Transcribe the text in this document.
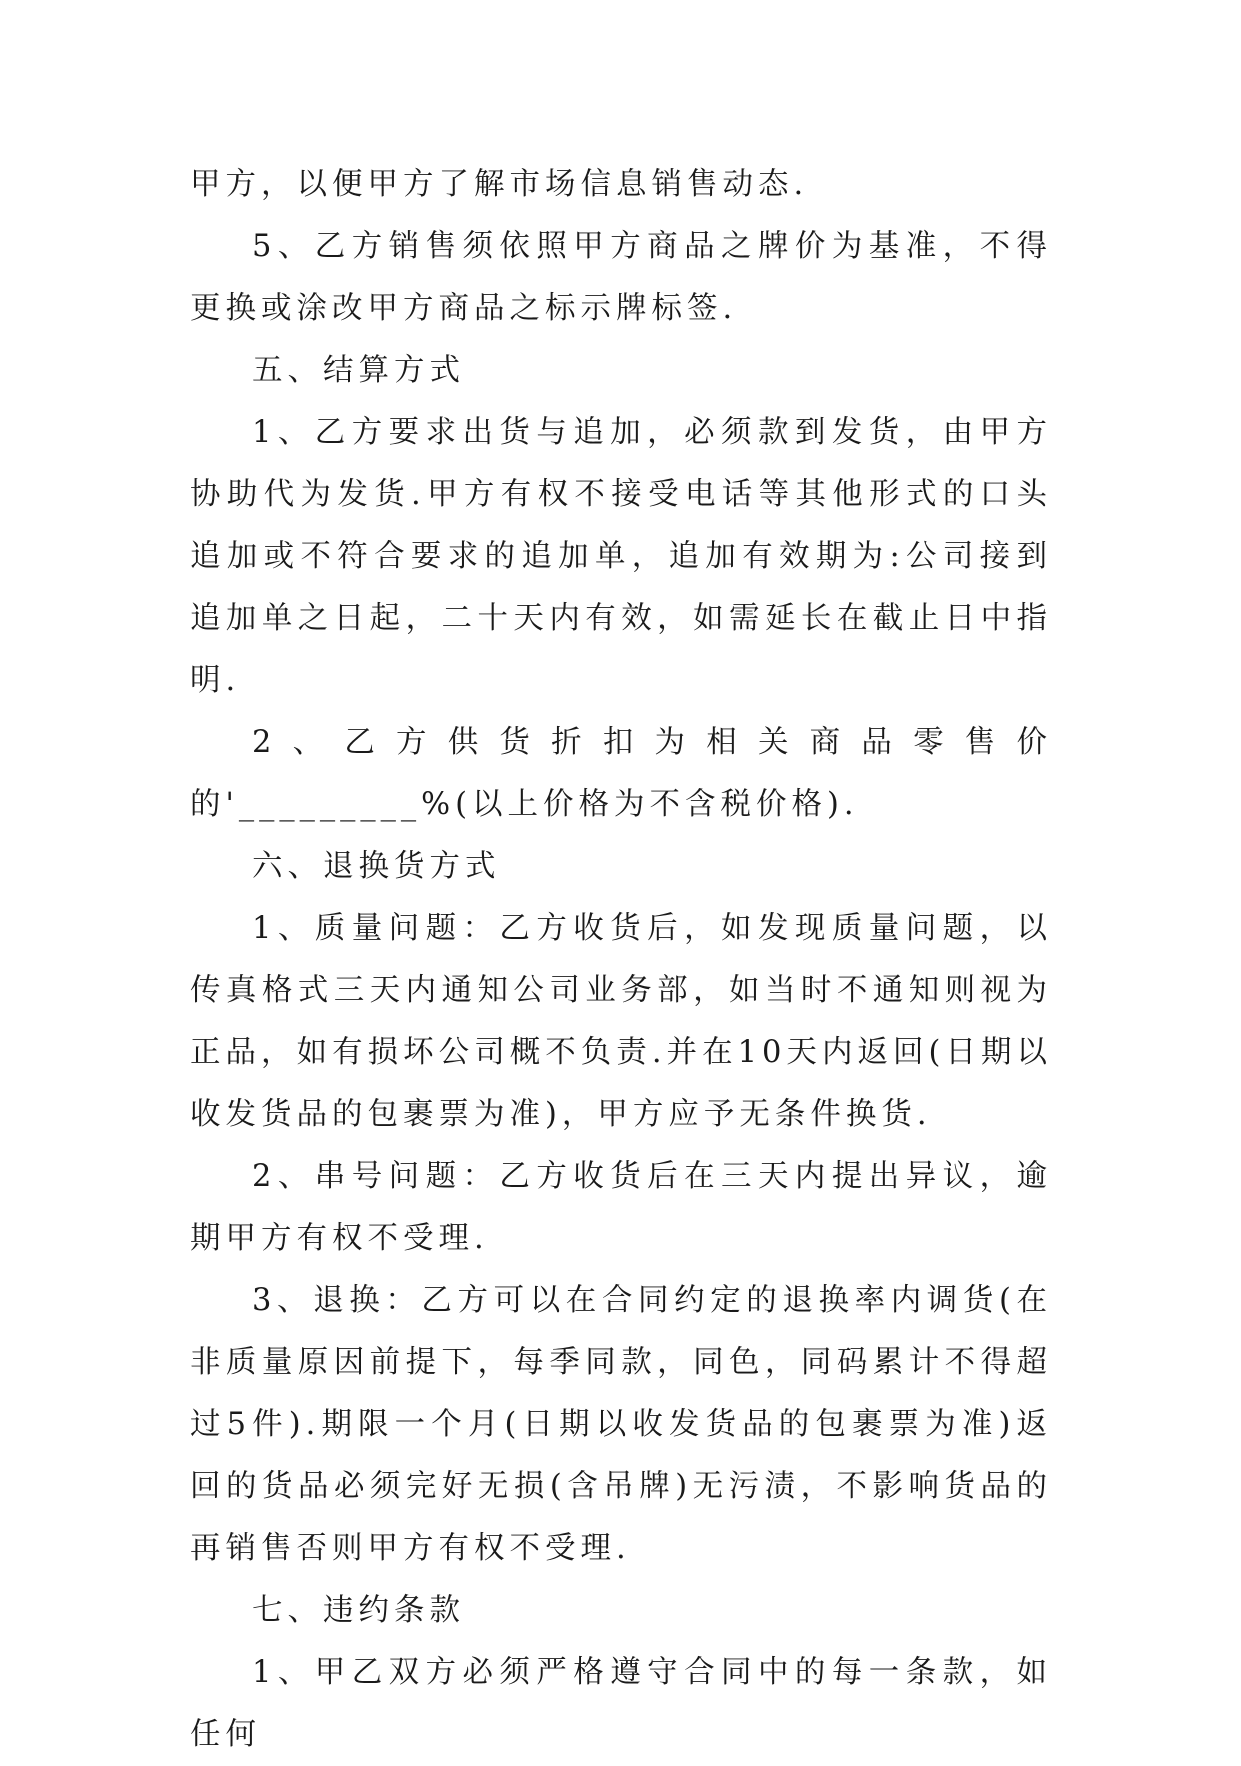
甲方，以便甲方了解市场信息销售动态.

5、乙方销售须依照甲方商品之牌价为基准，不得更换或涂改甲方商品之标示牌标签.

五、结算方式

1、乙方要求出货与追加，必须款到发货，由甲方协助代为发货.甲方有权不接受电话等其他形式的口头追加或不符合要求的追加单，追加有效期为:公司接到追加单之日起，二十天内有效，如需延长在截止日中指明.

2、乙方供货折扣为相关商品零售价的'_________%(以上价格为不含税价格).

六、退换货方式

1、质量问题：乙方收货后，如发现质量问题，以传真格式三天内通知公司业务部，如当时不通知则视为正品，如有损坏公司概不负责.并在10天内返回(日期以收发货品的包裹票为准)，甲方应予无条件换货.

2、串号问题：乙方收货后在三天内提出异议，逾期甲方有权不受理.

3、退换：乙方可以在合同约定的退换率内调货(在非质量原因前提下，每季同款，同色，同码累计不得超过5件).期限一个月(日期以收发货品的包裹票为准)返回的货品必须完好无损(含吊牌)无污渍，不影响货品的再销售否则甲方有权不受理.

七、违约条款

1、甲乙双方必须严格遵守合同中的每一条款，如任何
